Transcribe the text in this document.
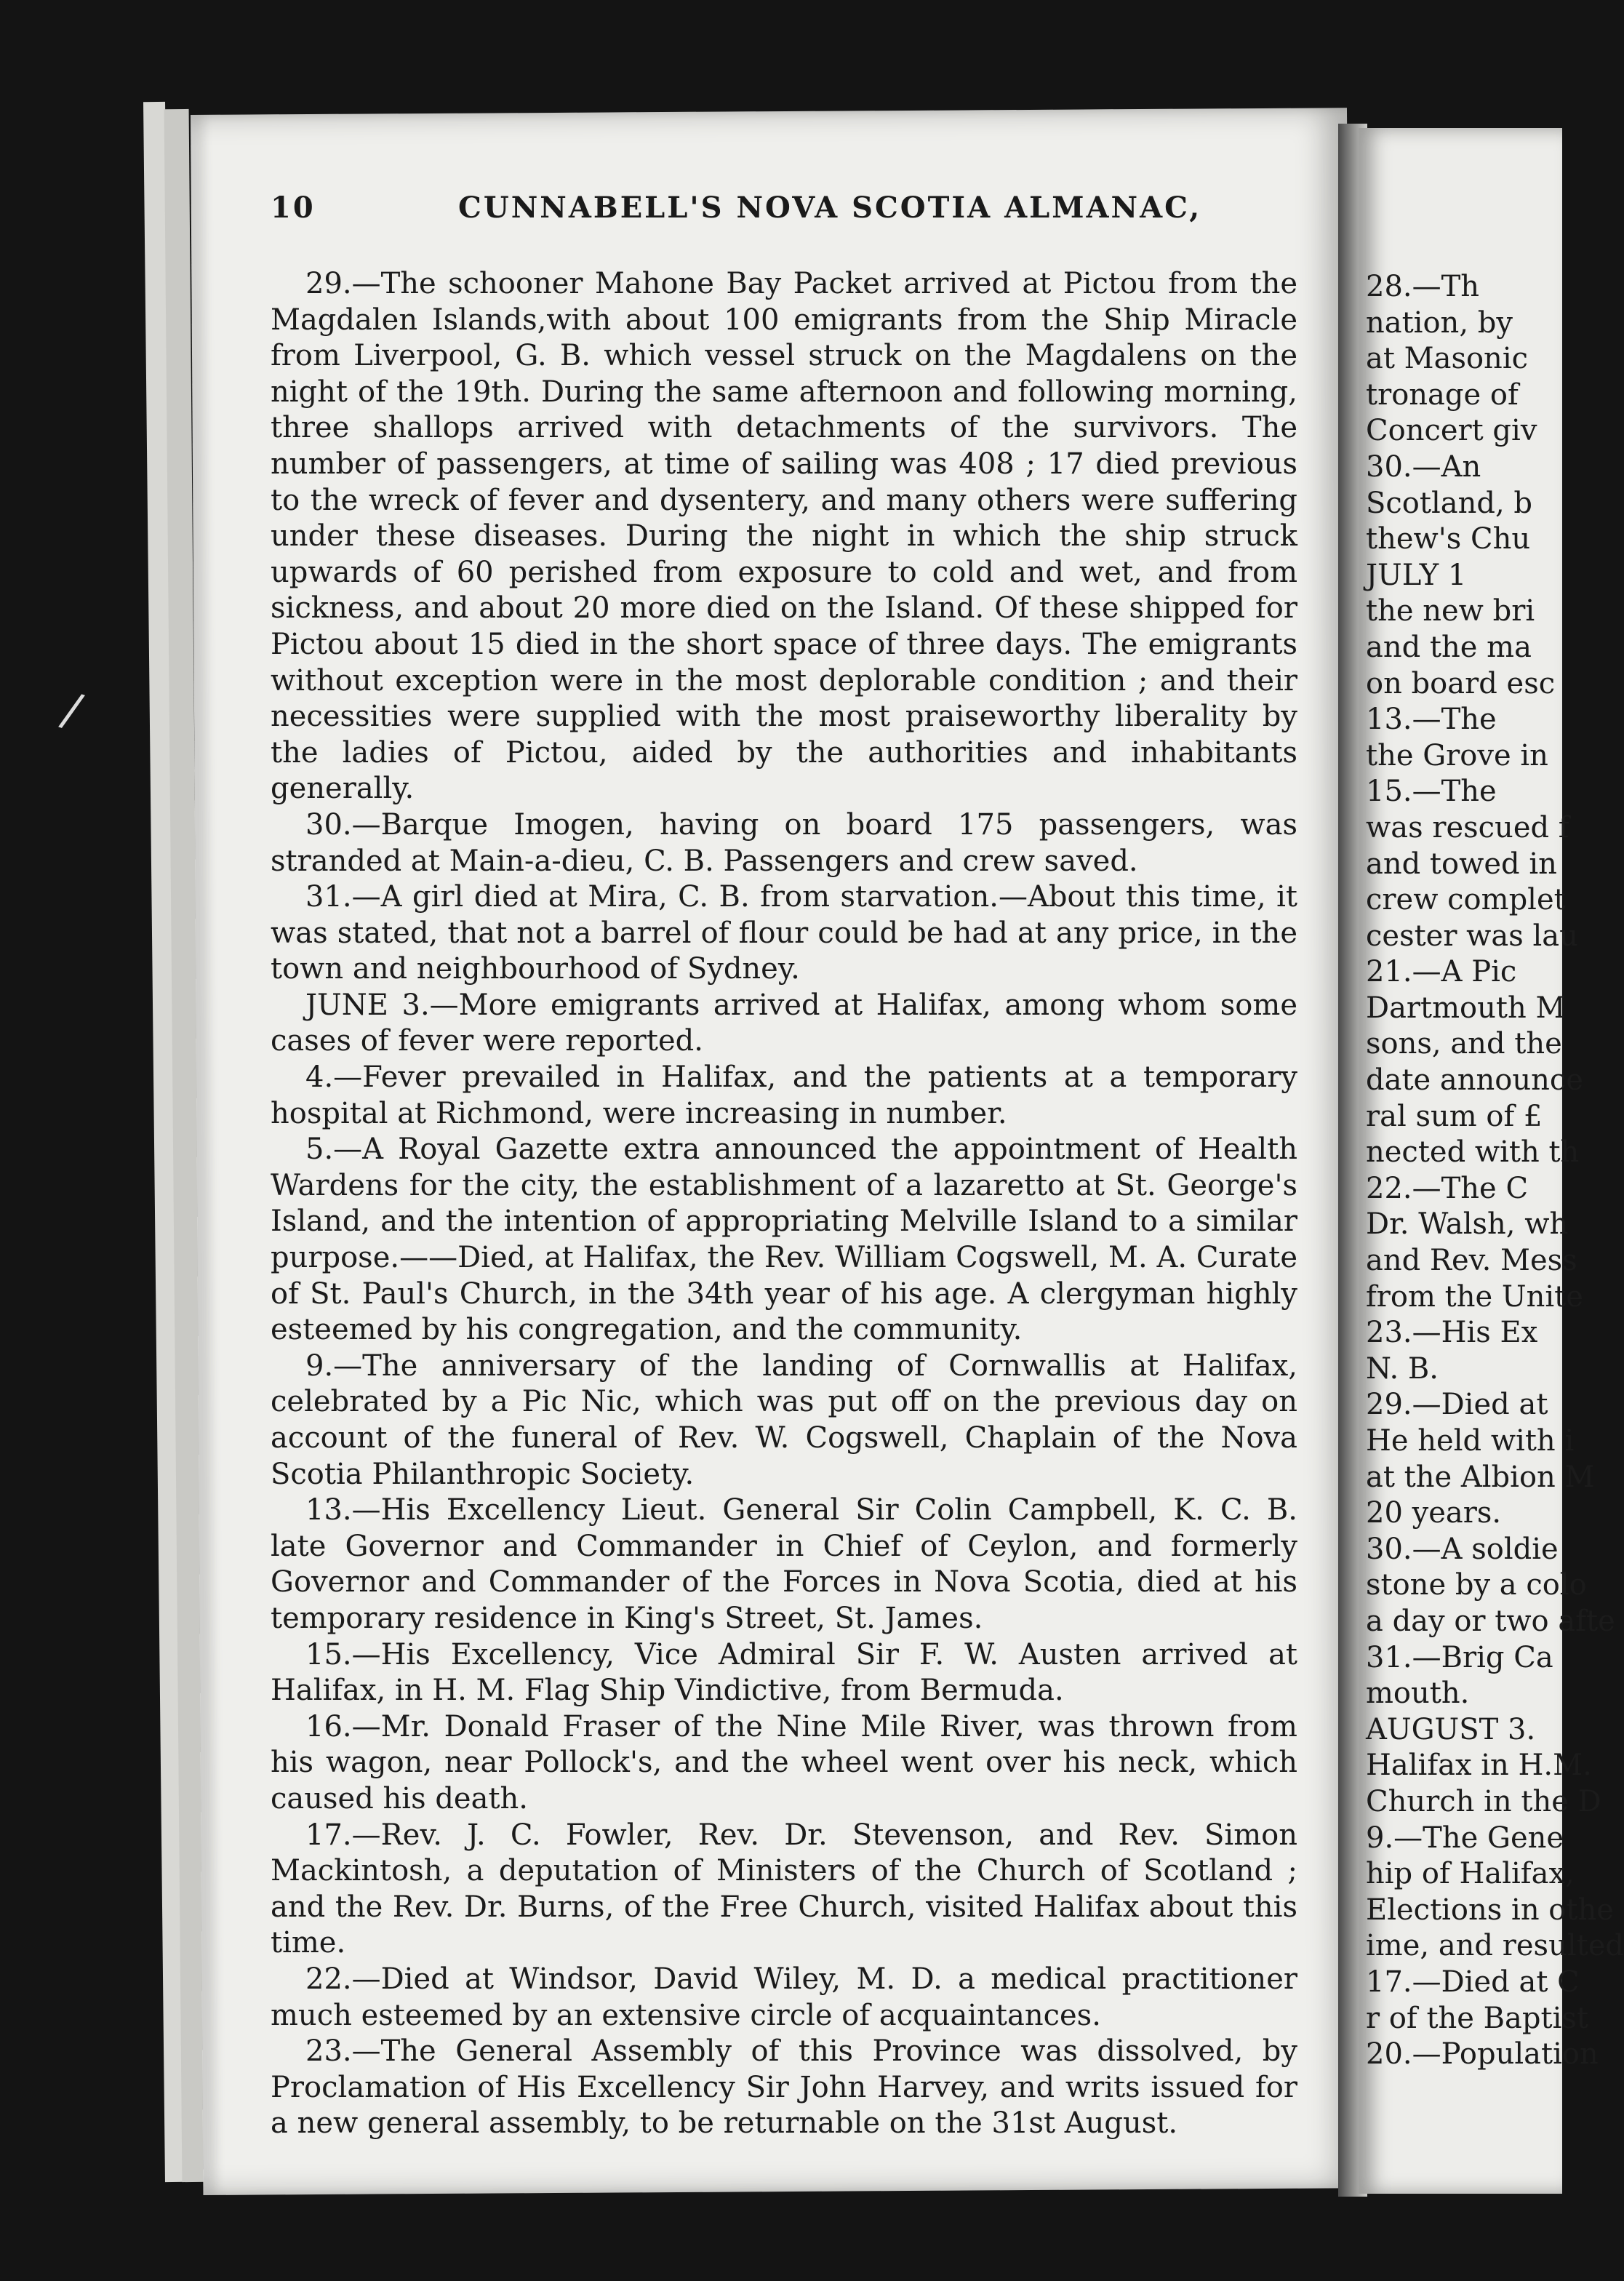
/
10	CUNNABELL'S NOVA SCOTIA ALMANAC,

29.—The schooner Mahone Bay Packet arrived at Pictou from the Magdalen Islands,with about 100 emigrants from the Ship Miracle from Liverpool, G. B. which vessel struck on the Magdalens on the night of the 19th. During the same afternoon and following morning, three shallops arrived with detachments of the survivors. The number of passengers, at time of sailing was 408 ; 17 died previous to the wreck of fever and dysentery, and many others were suffering under these diseases. During the night in which the ship struck upwards of 60 perished from exposure to cold and wet, and from sickness, and about 20 more died on the Island. Of these shipped for Pictou about 15 died in the short space of three days. The emigrants without exception were in the most deplorable condition ; and their necessities were supplied with the most praiseworthy liberality by the ladies of Pictou, aided by the authorities and inhabitants generally.

30.—Barque Imogen, having on board 175 passengers, was stranded at Main-a-dieu, C. B. Passengers and crew saved.

31.—A girl died at Mira, C. B. from starvation.—About this time, it was stated, that not a barrel of flour could be had at any price, in the town and neighbourhood of Sydney.

JUNE 3.—More emigrants arrived at Halifax, among whom some cases of fever were reported.

4.—Fever prevailed in Halifax, and the patients at a temporary hospital at Richmond, were increasing in number.

5.—A Royal Gazette extra announced the appointment of Health Wardens for the city, the establishment of a lazaretto at St. George's Island, and the intention of appropriating Melville Island to a similar purpose.——Died, at Halifax, the Rev. William Cogswell, M. A. Curate of St. Paul's Church, in the 34th year of his age. A clergyman highly esteemed by his congregation, and the community.

9.—The anniversary of the landing of Cornwallis at Halifax, celebrated by a Pic Nic, which was put off on the previous day on account of the funeral of Rev. W. Cogswell, Chaplain of the Nova Scotia Philanthropic Society.

13.—His Excellency Lieut. General Sir Colin Campbell, K. C. B. late Governor and Commander in Chief of Ceylon, and formerly Governor and Commander of the Forces in Nova Scotia, died at his temporary residence in King's Street, St. James.

15.—His Excellency, Vice Admiral Sir F. W. Austen arrived at Halifax, in H. M. Flag Ship Vindictive, from Bermuda.

16.—Mr. Donald Fraser of the Nine Mile River, was thrown from his wagon, near Pollock's, and the wheel went over his neck, which caused his death.

17.—Rev. J. C. Fowler, Rev. Dr. Stevenson, and Rev. Simon Mackintosh, a deputation of Ministers of the Church of Scotland ; and the Rev. Dr. Burns, of the Free Church, visited Halifax about this time.

22.—Died at Windsor, David Wiley, M. D. a medical practitioner much esteemed by an extensive circle of acquaintances.

23.—The General Assembly of this Province was dissolved, by Proclamation of His Excellency Sir John Harvey, and writs issued for a new general assembly, to be returnable on the 31st August.

28.—Th
nation, by
at Masonic
tronage of
Concert giv
30.—An
Scotland, b
thew's Chu
JULY 1
the new bri
and the ma
on board esc
13.—The
the Grove in
15.—The
was rescued f
and towed in
crew complet
cester was lau
21.—A Pic
Dartmouth M
sons, and the
date announce
ral sum of £
nected with th
22.—The C
Dr. Walsh, wh
and Rev. Mess
from the Unite
23.—His Ex
N. B.
29.—Died at
He held with i
at the Albion M
20 years.
30.—A soldie
stone by a colo
a day or two afte
31.—Brig Ca
mouth.
AUGUST 3.
Halifax in H.M.
Church in the D
9.—The Gene
hip of Halifax,
Elections in othe
ime, and resulted
17.—Died at C
r of the Baptist
20.—Population
